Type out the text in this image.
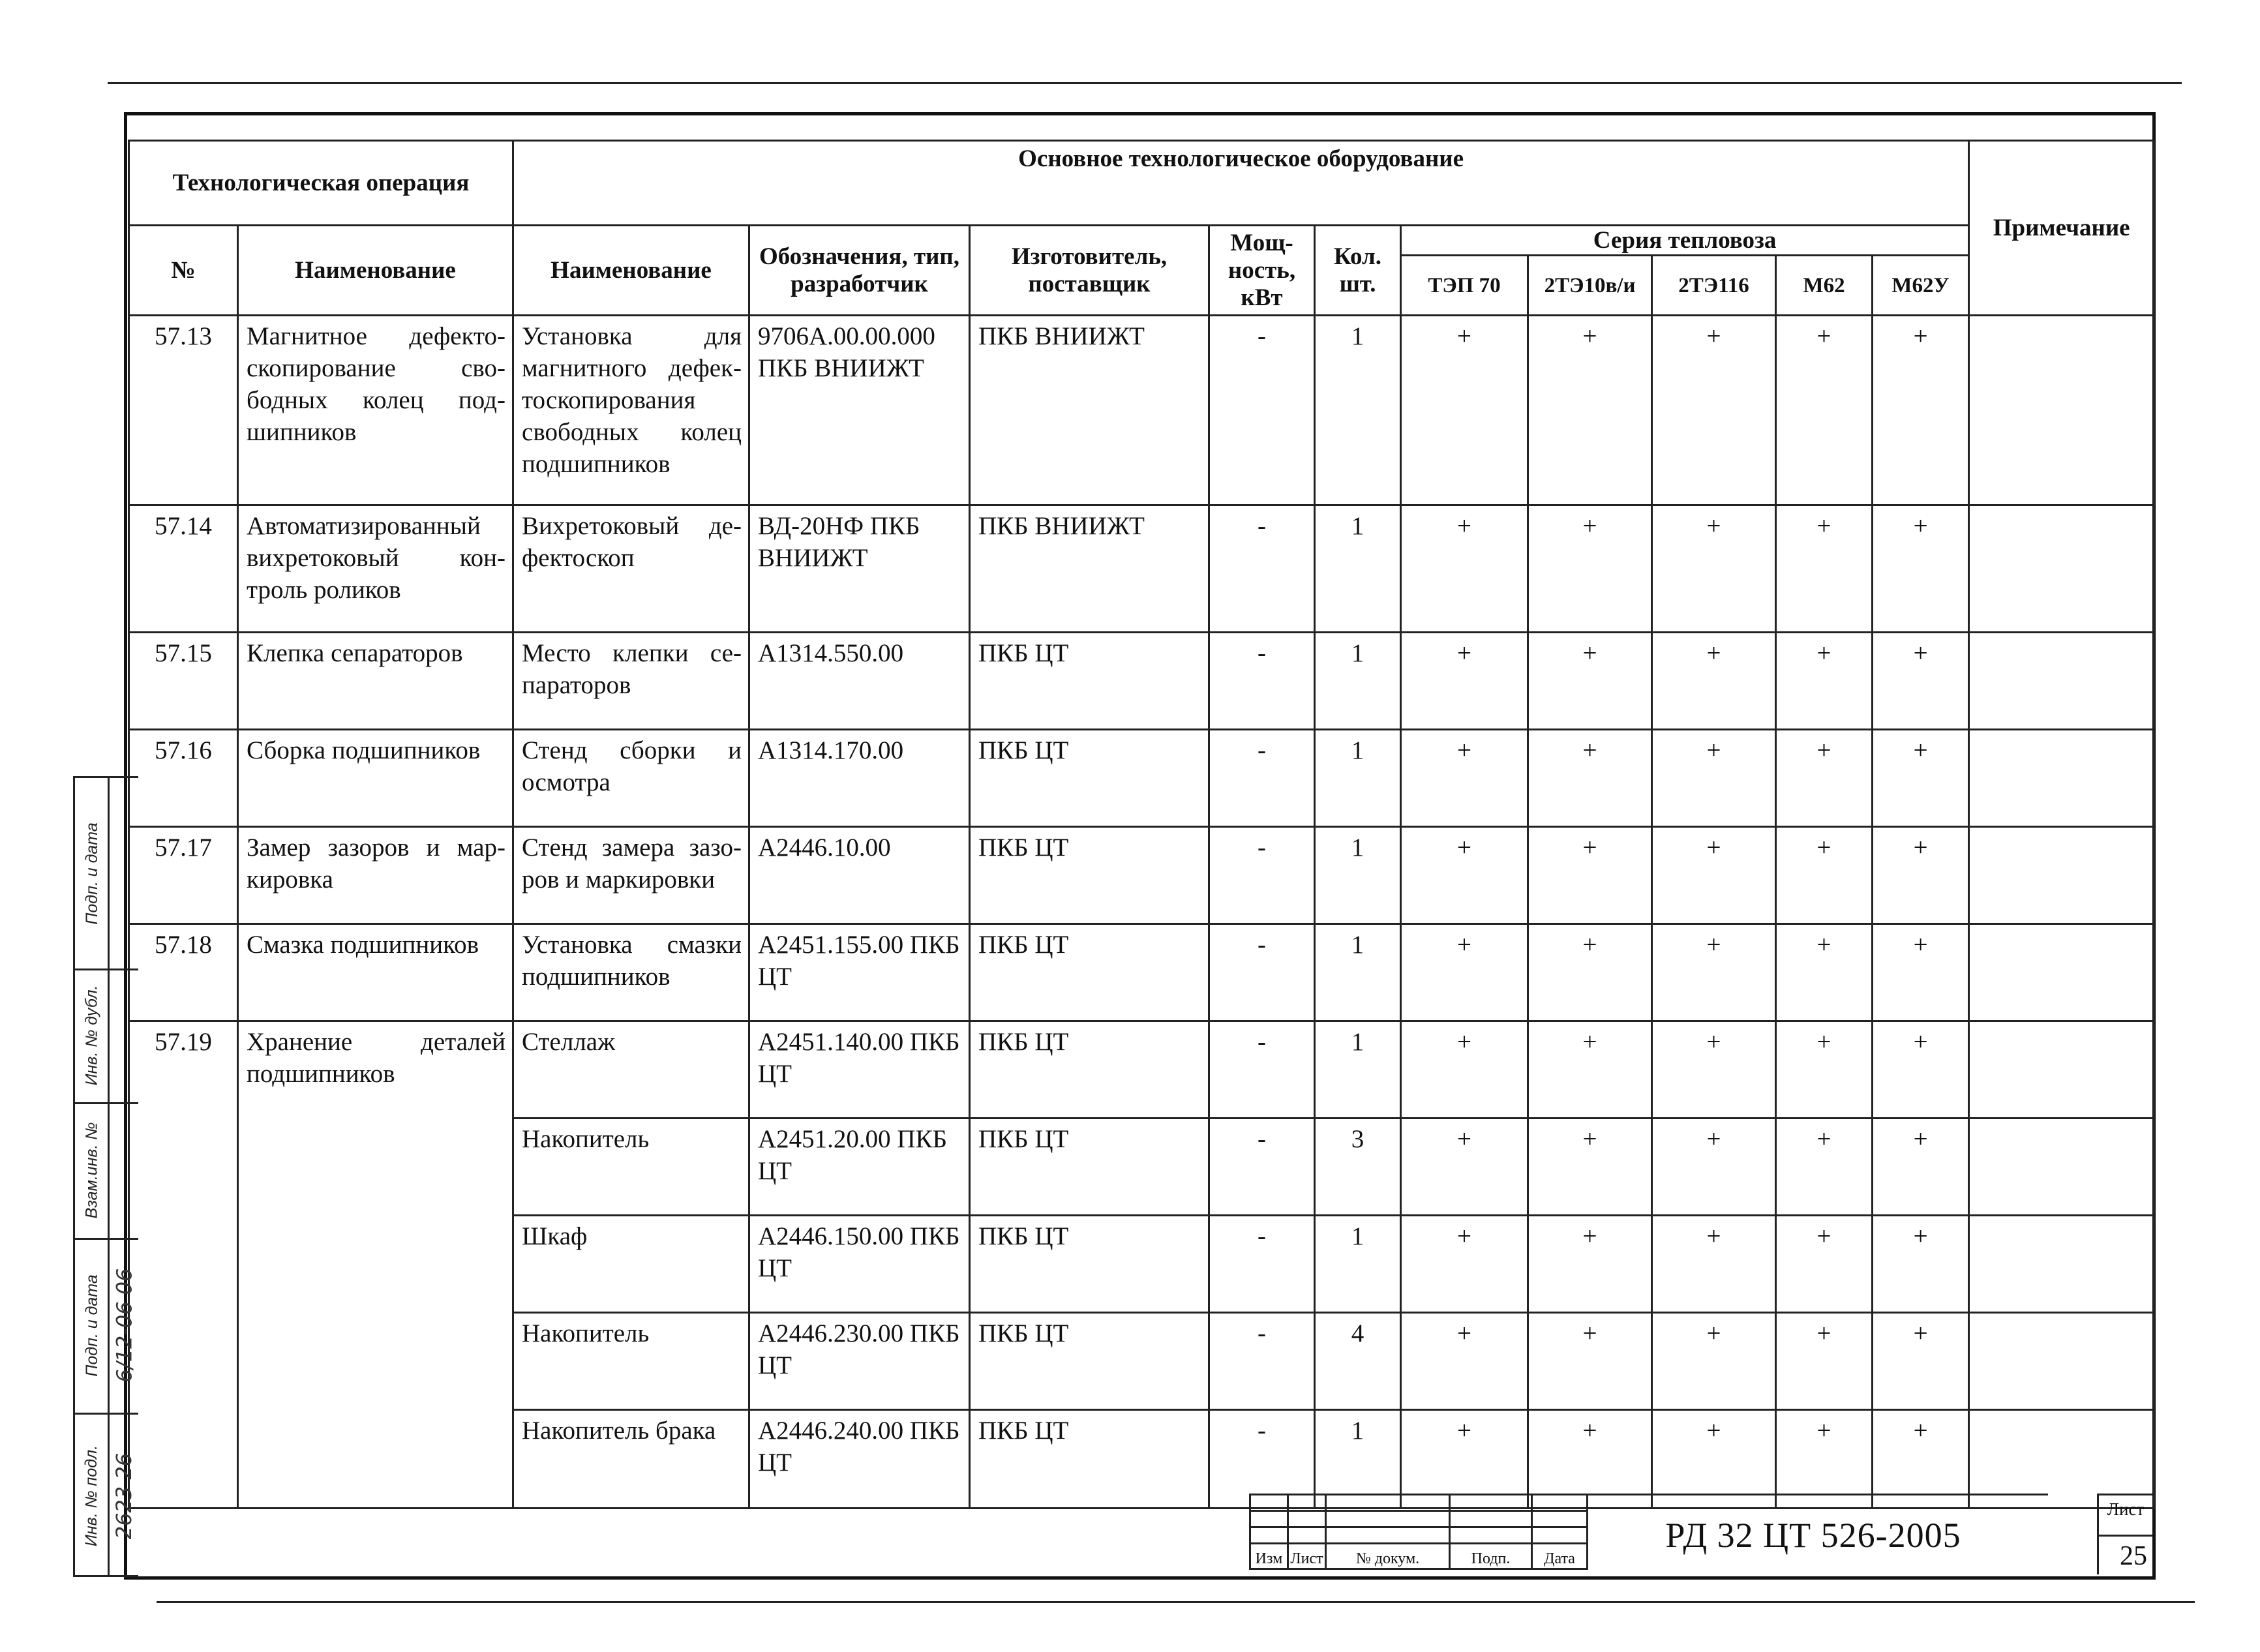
Технологическая операция		Основное технологическое оборудование										Примечание

№	Наименование	Наименование	Обозначения, тип, разработчик	Изготовитель, поставщик	Мощ-ность, кВт	Кол. шт.	Серия тепловоза					
							ТЭП 70	2ТЭ10в/и	2ТЭ116	М62	М62У	

57.13	Магнитное дефекто-скопирование сво-бодных колец под-шипников	Установка для магнитного дефек-тоскопирования свободных колец подшипников	9706А.00.00.000 ПКБ ВНИИЖТ	ПКБ ВНИИЖТ	-	1	+	+	+	+	+	
57.14	Автоматизированный вихретоковый кон-троль роликов	Вихретоковый де-фектоскоп	ВД-20НФ ПКБ ВНИИЖТ	ПКБ ВНИИЖТ	-	1	+	+	+	+	+	
57.15	Клепка сепараторов	Место клепки се-параторов	А1314.550.00	ПКБ ЦТ	-	1	+	+	+	+	+	
57.16	Сборка подшипников	Стенд сборки и осмотра	А1314.170.00	ПКБ ЦТ	-	1	+	+	+	+	+	
57.17	Замер зазоров и мар-кировка	Стенд замера зазо-ров и маркировки	А2446.10.00	ПКБ ЦТ	-	1	+	+	+	+	+	
57.18	Смазка подшипников	Установка смазки подшипников	А2451.155.00 ПКБ ЦТ	ПКБ ЦТ	-	1	+	+	+	+	+	
57.19	Хранение деталей подшипников	Стеллаж	А2451.140.00 ПКБ ЦТ	ПКБ ЦТ	-	1	+	+	+	+	+	
		Накопитель	А2451.20.00 ПКБ ЦТ	ПКБ ЦТ	-	3	+	+	+	+	+	
		Шкаф	А2446.150.00 ПКБ ЦТ	ПКБ ЦТ	-	1	+	+	+	+	+	
		Накопитель	А2446.230.00 ПКБ ЦТ	ПКБ ЦТ	-	4	+	+	+	+	+	
		Накопитель брака	А2446.240.00 ПКБ ЦТ	ПКБ ЦТ	-	1	+	+	+	+	+	
Подп. и дата
Инв. № дубл.
Взам.инв. №
Подп. и дата 6/12-06 06
Инв. № подл. 2623 26

Изм	Лист	№ докум.	Подп.	Дата
РД 32 ЦТ 526-2005
Лист
25
